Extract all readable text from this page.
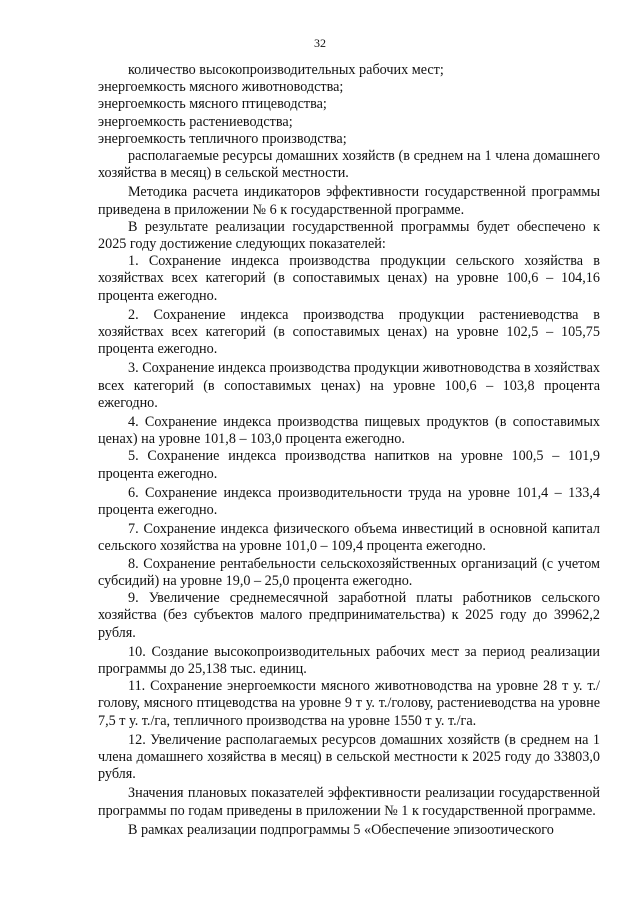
32

количество высокопроизводительных рабочих мест;

энергоемкость мясного животноводства;

энергоемкость мясного птицеводства;

энергоемкость растениеводства;

энергоемкость тепличного производства;

располагаемые ресурсы домашних хозяйств (в среднем на 1 члена домашнего хозяйства в месяц) в сельской местности.

Методика расчета индикаторов эффективности государственной программы приведена в приложении № 6 к государственной программе.

В результате реализации государственной программы будет обеспечено к 2025 году достижение следующих показателей:

1. Сохранение индекса производства продукции сельского хозяйства в хозяйствах всех категорий (в сопоставимых ценах) на уровне 100,6 – 104,16 процента ежегодно.

2. Сохранение индекса производства продукции растениеводства в хозяйствах всех категорий (в сопоставимых ценах) на уровне 102,5 – 105,75 процента ежегодно.

3. Сохранение индекса производства продукции животноводства в хозяйствах всех категорий (в сопоставимых ценах) на уровне 100,6 – 103,8 процента ежегодно.

4. Сохранение индекса производства пищевых продуктов (в сопоставимых ценах) на уровне 101,8 – 103,0 процента ежегодно.

5. Сохранение индекса производства напитков на уровне 100,5 – 101,9 процента ежегодно.

6. Сохранение индекса производительности труда на уровне 101,4 – 133,4 процента ежегодно.

7. Сохранение индекса физического объема инвестиций в основной капитал сельского хозяйства на уровне 101,0 – 109,4 процента ежегодно.

8. Сохранение рентабельности сельскохозяйственных организаций (с учетом субсидий) на уровне 19,0 – 25,0 процента ежегодно.

9. Увеличение среднемесячной заработной платы работников сельского хозяйства (без субъектов малого предпринимательства) к 2025 году до 39962,2 рубля.

10. Создание высокопроизводительных рабочих мест за период реализации программы до 25,138 тыс. единиц.

11. Сохранение энергоемкости мясного животноводства на уровне 28 т у. т./голову, мясного птицеводства на уровне 9 т у. т./голову, растениеводства на уровне 7,5 т у. т./га, тепличного производства на уровне 1550 т у. т./га.

12. Увеличение располагаемых ресурсов домашних хозяйств (в среднем на 1 члена домашнего хозяйства в месяц) в сельской местности к 2025 году до 33803,0 рубля.

Значения плановых показателей эффективности реализации государственной программы по годам приведены в приложении № 1 к государственной программе.

В рамках реализации подпрограммы 5 «Обеспечение эпизоотического
